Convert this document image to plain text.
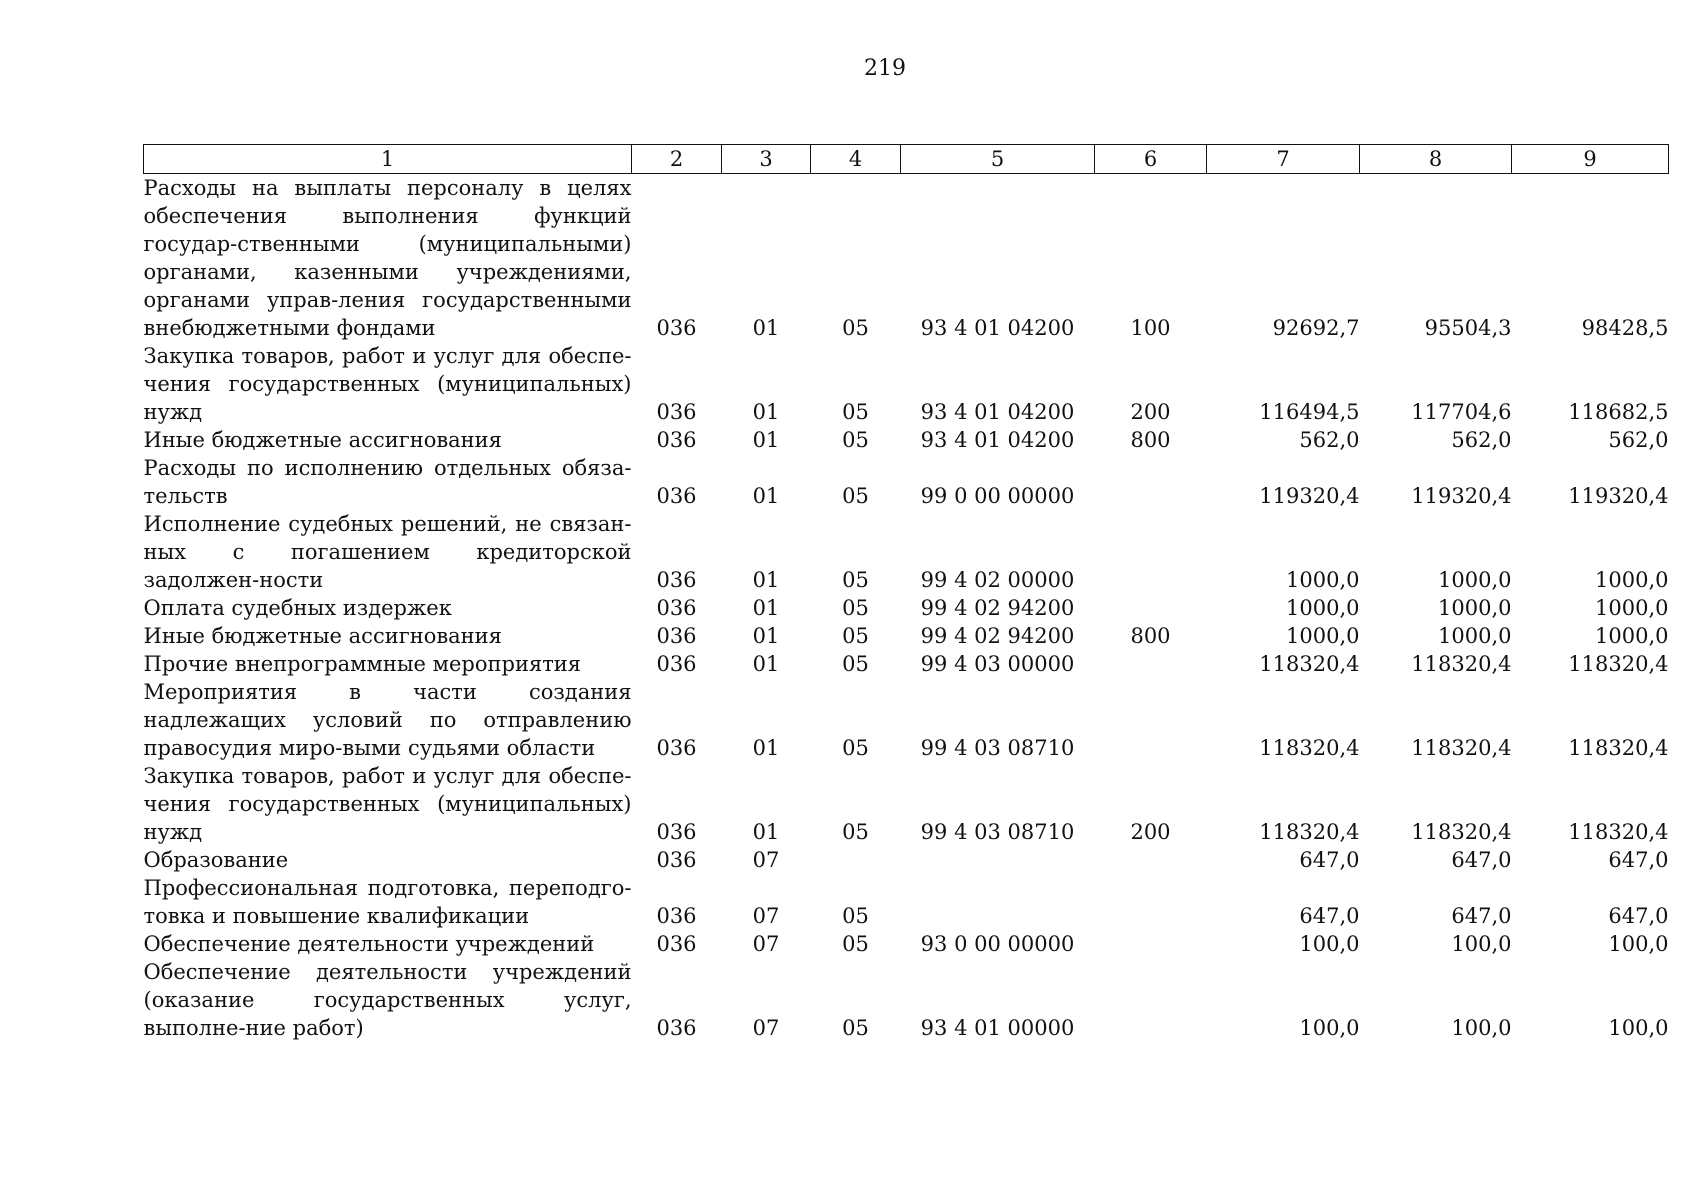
219
1	2	3	4	5	6	7	8	9
Расходы на выплаты персоналу в целях обеспечения выполнения функций государ-ственными (муниципальными) органами, казенными учреждениями, органами управ-ления государственными внебюджетными фондами	036	01	05	93 4 01 04200	100	92692,7	95504,3	98428,5
Закупка товаров, работ и услуг для обеспе-чения государственных (муниципальных) нужд	036	01	05	93 4 01 04200	200	116494,5	117704,6	118682,5
Иные бюджетные ассигнования	036	01	05	93 4 01 04200	800	562,0	562,0	562,0
Расходы по исполнению отдельных обяза-тельств	036	01	05	99 0 00 00000		119320,4	119320,4	119320,4
Исполнение судебных решений, не связан-ных с погашением кредиторской задолжен-ности	036	01	05	99 4 02 00000		1000,0	1000,0	1000,0
Оплата судебных издержек	036	01	05	99 4 02 94200		1000,0	1000,0	1000,0
Иные бюджетные ассигнования	036	01	05	99 4 02 94200	800	1000,0	1000,0	1000,0
Прочие внепрограммные мероприятия	036	01	05	99 4 03 00000		118320,4	118320,4	118320,4
Мероприятия в части создания надлежащих условий по отправлению правосудия миро-выми судьями области	036	01	05	99 4 03 08710		118320,4	118320,4	118320,4
Закупка товаров, работ и услуг для обеспе-чения государственных (муниципальных) нужд	036	01	05	99 4 03 08710	200	118320,4	118320,4	118320,4
Образование	036	07				647,0	647,0	647,0
Профессиональная подготовка, переподго-товка и повышение квалификации	036	07	05			647,0	647,0	647,0
Обеспечение деятельности учреждений	036	07	05	93 0 00 00000		100,0	100,0	100,0
Обеспечение деятельности учреждений (оказание государственных услуг, выполне-ние работ)	036	07	05	93 4 01 00000		100,0	100,0	100,0
